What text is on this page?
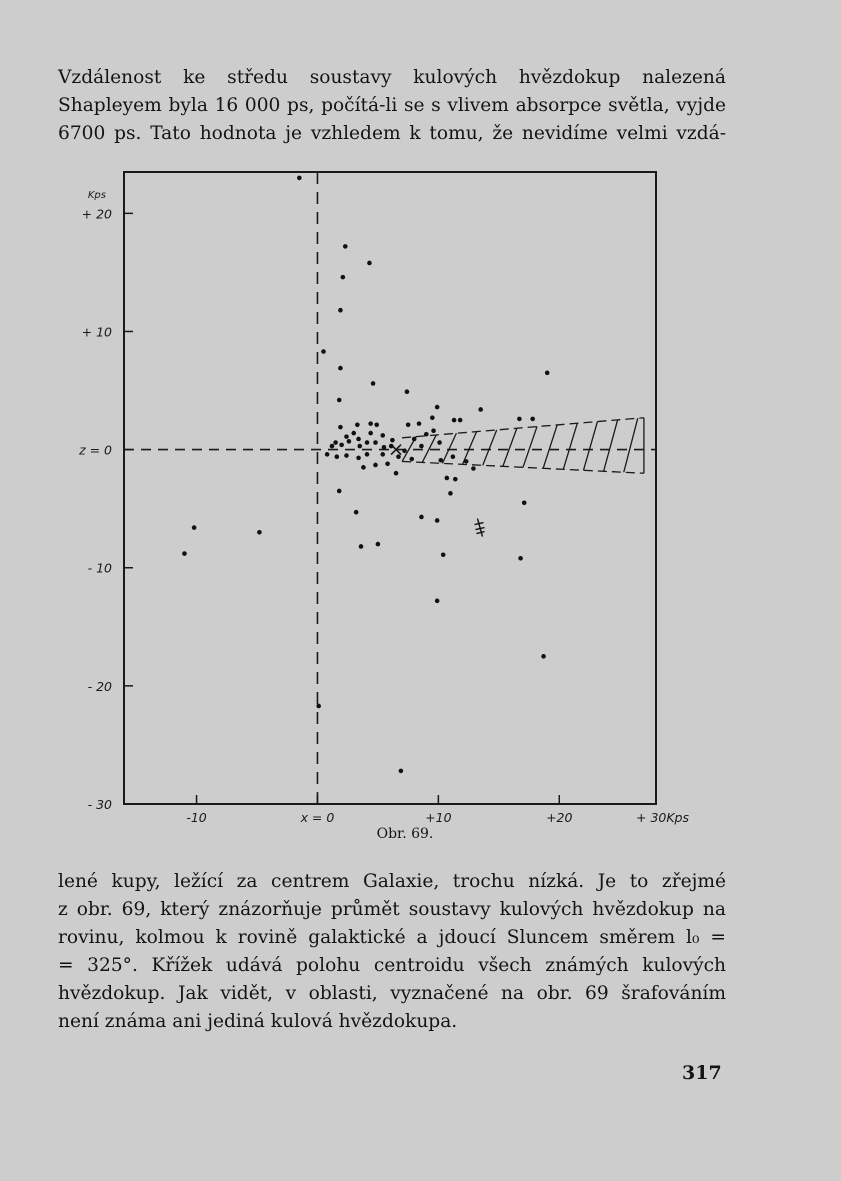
Vzdálenost ke středu soustavy kulových hvězdokup nalezená
Shapleyem byla 16 000 ps, počítá-li se s vlivem absorpce světla, vyjde
6700 ps. Tato hodnota je vzhledem k tomu, že nevidíme velmi vzdá-

+ 20
+ 10
z = 0
- 10
- 20
- 30
Kps
-10	x = 0	+10	+20	+ 30Kps
Obr. 69.

lené kupy, ležící za centrem Galaxie, trochu nízká. Je to zřejmé
z obr. 69, který znázorňuje průmět soustavy kulových hvězdokup na
rovinu, kolmou k rovině galaktické a jdoucí Sluncem směrem l₀ =
= 325°. Křížek udává polohu centroidu všech známých kulových
hvězdokup. Jak vidět, v oblasti, vyznačené na obr. 69 šrafováním
není známa ani jediná kulová hvězdokupa.

317
